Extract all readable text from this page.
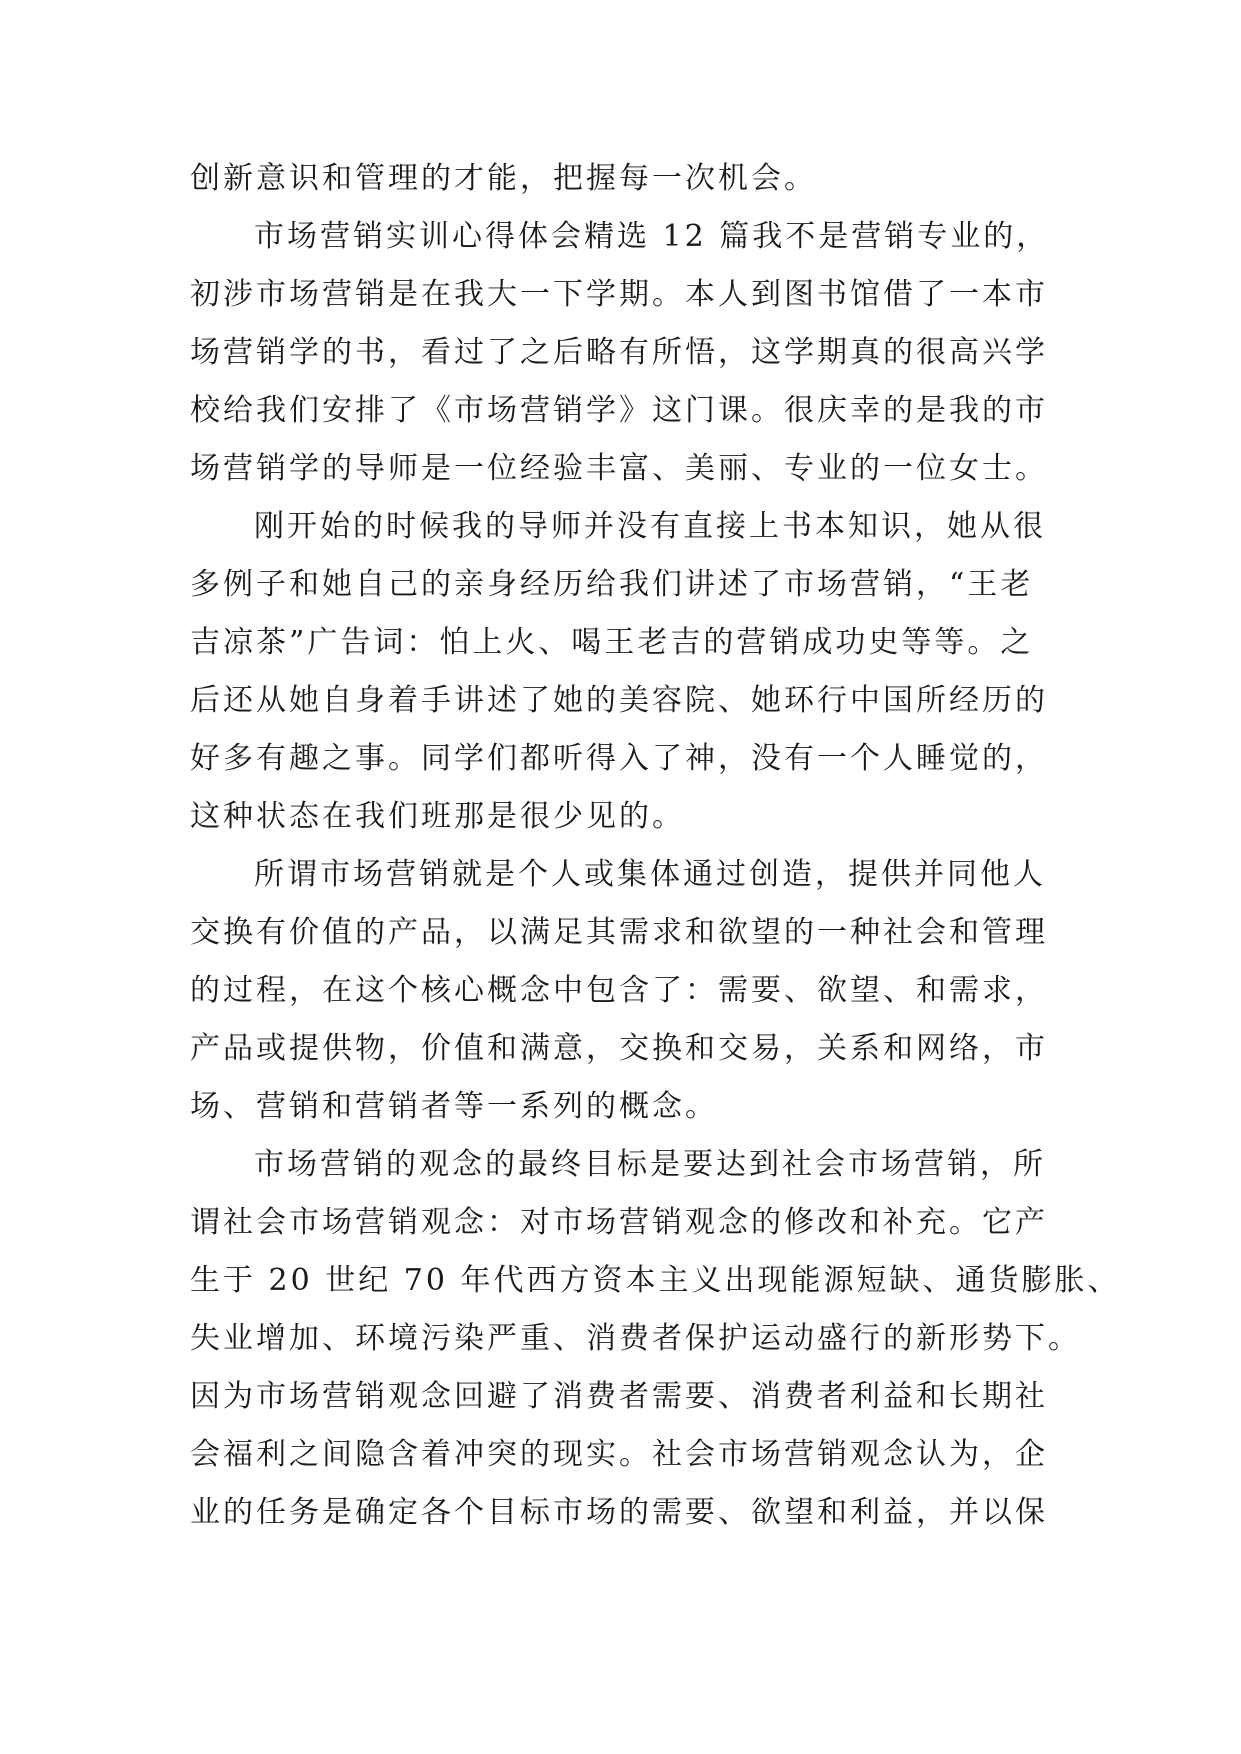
创新意识和管理的才能，把握每一次机会。
市场营销实训心得体会精选 12 篇我不是营销专业的，
初涉市场营销是在我大一下学期。本人到图书馆借了一本市
场营销学的书，看过了之后略有所悟，这学期真的很高兴学
校给我们安排了《市场营销学》这门课。很庆幸的是我的市
场营销学的导师是一位经验丰富、美丽、专业的一位女士。
刚开始的时候我的导师并没有直接上书本知识，她从很
多例子和她自己的亲身经历给我们讲述了市场营销，“王老
吉凉茶”广告词：怕上火、喝王老吉的营销成功史等等。之
后还从她自身着手讲述了她的美容院、她环行中国所经历的
好多有趣之事。同学们都听得入了神，没有一个人睡觉的，
这种状态在我们班那是很少见的。
所谓市场营销就是个人或集体通过创造，提供并同他人
交换有价值的产品，以满足其需求和欲望的一种社会和管理
的过程，在这个核心概念中包含了：需要、欲望、和需求，
产品或提供物，价值和满意，交换和交易，关系和网络，市
场、营销和营销者等一系列的概念。
市场营销的观念的最终目标是要达到社会市场营销，所
谓社会市场营销观念：对市场营销观念的修改和补充。它产
生于 20 世纪 70 年代西方资本主义出现能源短缺、通货膨胀、
失业增加、环境污染严重、消费者保护运动盛行的新形势下。
因为市场营销观念回避了消费者需要、消费者利益和长期社
会福利之间隐含着冲突的现实。社会市场营销观念认为，企
业的任务是确定各个目标市场的需要、欲望和利益，并以保
